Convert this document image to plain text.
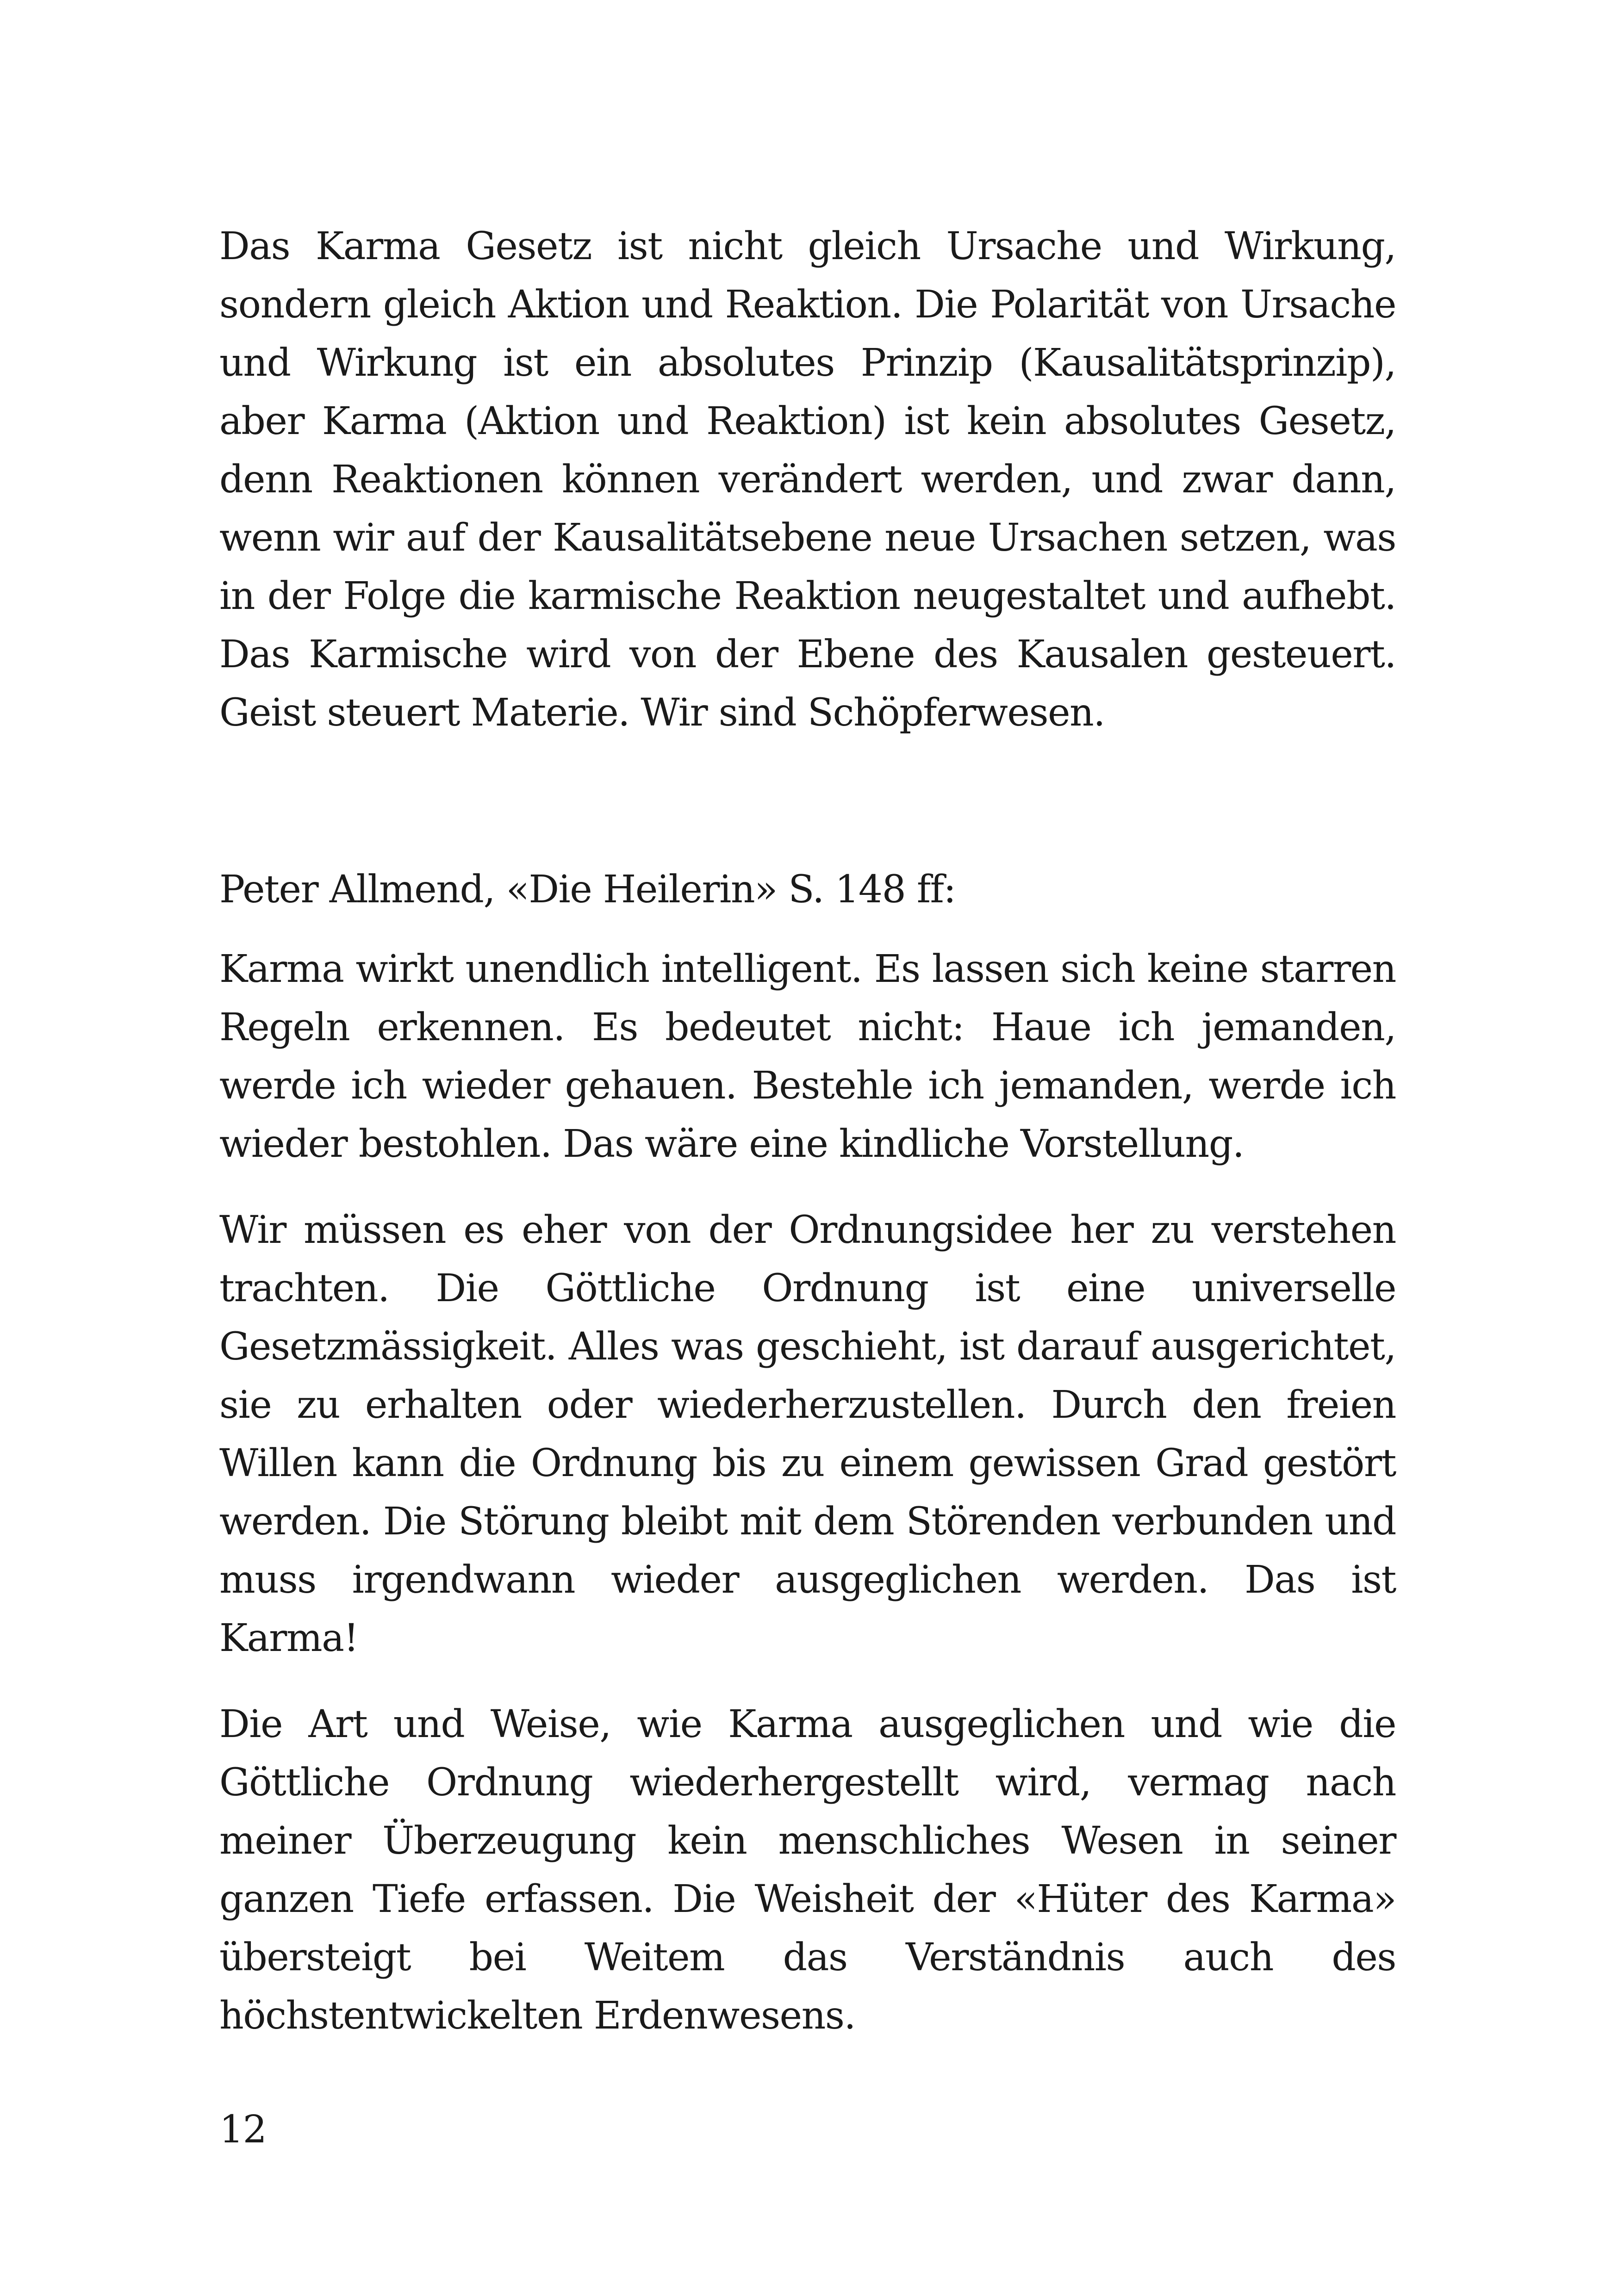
Das Karma Gesetz ist nicht gleich Ursache und Wirkung, sondern gleich Aktion und Reaktion. Die Polarität von Ursache und Wirkung ist ein absolutes Prinzip (Kausalitätsprinzip), aber Karma (Aktion und Reaktion) ist kein absolutes Gesetz, denn Reaktionen können verändert werden, und zwar dann, wenn wir auf der Kausalitätsebene neue Ursachen setzen, was in der Folge die karmische Reaktion neugestaltet und aufhebt. Das Karmische wird von der Ebene des Kausalen gesteuert. Geist steuert Materie. Wir sind Schöpferwesen.

Peter Allmend, «Die Heilerin» S. 148 ff:

Karma wirkt unendlich intelligent. Es lassen sich keine starren Regeln erkennen. Es bedeutet nicht: Haue ich jemanden, werde ich wieder gehauen. Bestehle ich jemanden, werde ich wieder bestohlen. Das wäre eine kindliche Vorstellung.

Wir müssen es eher von der Ordnungsidee her zu verstehen trachten. Die Göttliche Ordnung ist eine universelle Gesetzmässigkeit. Alles was geschieht, ist darauf ausgerichtet, sie zu erhalten oder wiederherzustellen. Durch den freien Willen kann die Ordnung bis zu einem gewissen Grad gestört werden. Die Störung bleibt mit dem Störenden verbunden und muss irgendwann wieder ausgeglichen werden. Das ist Karma!

Die Art und Weise, wie Karma ausgeglichen und wie die Göttliche Ordnung wiederhergestellt wird, vermag nach meiner Überzeugung kein menschliches Wesen in seiner ganzen Tiefe erfassen. Die Weisheit der «Hüter des Karma» übersteigt bei Weitem das Verständnis auch des höchstentwickelten Erdenwesens.

12
